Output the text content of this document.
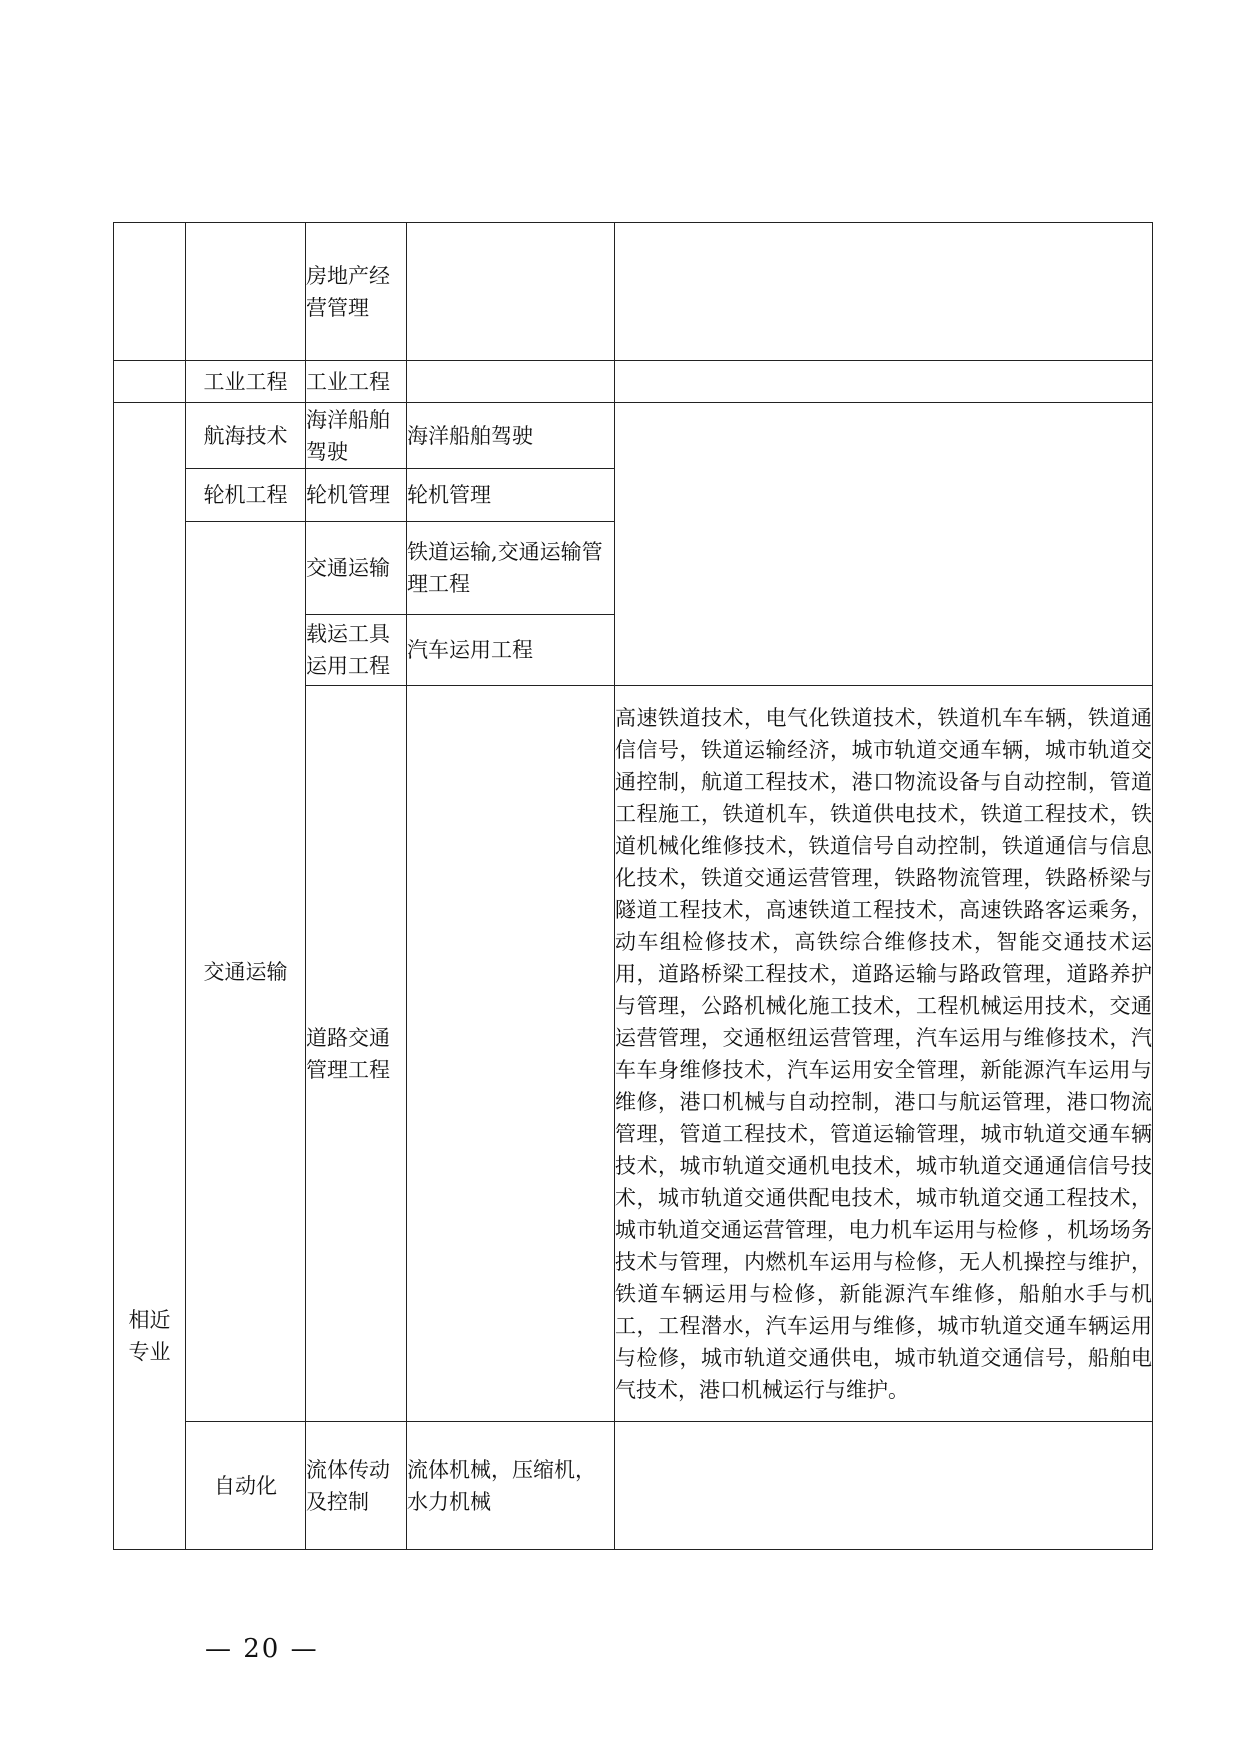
		房地产经营管理		
	工业工程	工业工程		

相近专业	航海技术	海洋船舶驾驶	海洋船舶驾驶	
	轮机工程	轮机管理	轮机管理	
	交通运输	交通运输	铁道运输,交通运输管理工程	
		载运工具运用工程	汽车运用工程	
		道路交通管理工程		高速铁道技术，电气化铁道技术，铁道机车车辆，铁道通信信号，铁道运输经济，城市轨道交通车辆，城市轨道交通控制，航道工程技术，港口物流设备与自动控制，管道工程施工，铁道机车，铁道供电技术，铁道工程技术，铁道机械化维修技术，铁道信号自动控制，铁道通信与信息化技术，铁道交通运营管理，铁路物流管理，铁路桥梁与隧道工程技术，高速铁道工程技术，高速铁路客运乘务，动车组检修技术，高铁综合维修技术，智能交通技术运用，道路桥梁工程技术，道路运输与路政管理，道路养护与管理，公路机械化施工技术，工程机械运用技术，交通运营管理，交通枢纽运营管理，汽车运用与维修技术，汽车车身维修技术，汽车运用安全管理，新能源汽车运用与维修，港口机械与自动控制，港口与航运管理，港口物流管理，管道工程技术，管道运输管理，城市轨道交通车辆技术，城市轨道交通机电技术，城市轨道交通通信信号技术，城市轨道交通供配电技术，城市轨道交通工程技术，城市轨道交通运营管理，电力机车运用与检修 ，机场场务技术与管理，内燃机车运用与检修，无人机操控与维护，铁道车辆运用与检修，新能源汽车维修，船舶水手与机工，工程潜水，汽车运用与维修，城市轨道交通车辆运用与检修，城市轨道交通供电，城市轨道交通信号，船舶电气技术，港口机械运行与维护。
	自动化	流体传动及控制	流体机械，压缩机，水力机械	
— 20 —
